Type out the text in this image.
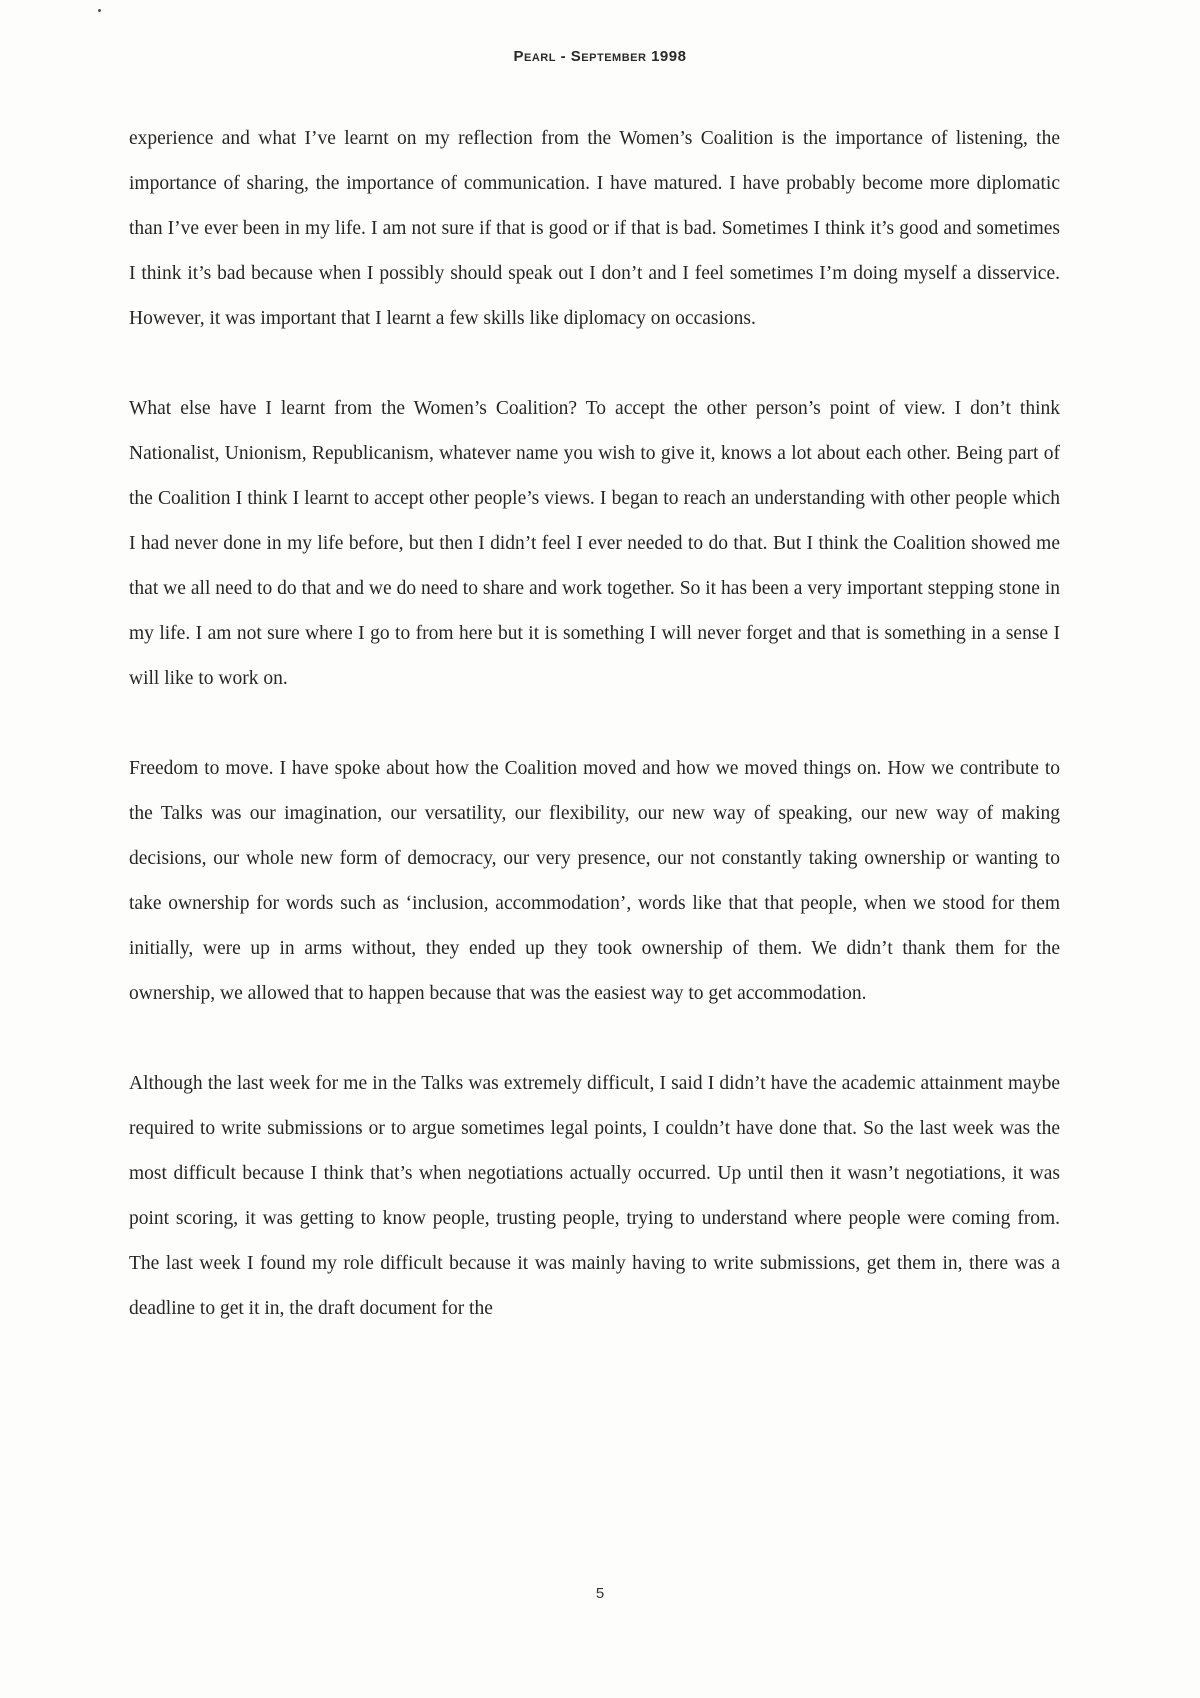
Pearl - September 1998

experience and what I’ve learnt on my reflection from the Women’s Coalition is the importance of listening, the importance of sharing, the importance of communication. I have matured. I have probably become more diplomatic than I’ve ever been in my life. I am not sure if that is good or if that is bad. Sometimes I think it’s good and sometimes I think it’s bad because when I possibly should speak out I don’t and I feel sometimes I’m doing myself a disservice. However, it was important that I learnt a few skills like diplomacy on occasions.

What else have I learnt from the Women’s Coalition? To accept the other person’s point of view. I don’t think Nationalist, Unionism, Republicanism, whatever name you wish to give it, knows a lot about each other. Being part of the Coalition I think I learnt to accept other people’s views. I began to reach an understanding with other people which I had never done in my life before, but then I didn’t feel I ever needed to do that. But I think the Coalition showed me that we all need to do that and we do need to share and work together. So it has been a very important stepping stone in my life. I am not sure where I go to from here but it is something I will never forget and that is something in a sense I will like to work on.

Freedom to move. I have spoke about how the Coalition moved and how we moved things on. How we contribute to the Talks was our imagination, our versatility, our flexibility, our new way of speaking, our new way of making decisions, our whole new form of democracy, our very presence, our not constantly taking ownership or wanting to take ownership for words such as ‘inclusion, accommodation’, words like that that people, when we stood for them initially, were up in arms without, they ended up they took ownership of them. We didn’t thank them for the ownership, we allowed that to happen because that was the easiest way to get accommodation.

Although the last week for me in the Talks was extremely difficult, I said I didn’t have the academic attainment maybe required to write submissions or to argue sometimes legal points, I couldn’t have done that. So the last week was the most difficult because I think that’s when negotiations actually occurred. Up until then it wasn’t negotiations, it was point scoring, it was getting to know people, trusting people, trying to understand where people were coming from. The last week I found my role difficult because it was mainly having to write submissions, get them in, there was a deadline to get it in, the draft document for the

5
